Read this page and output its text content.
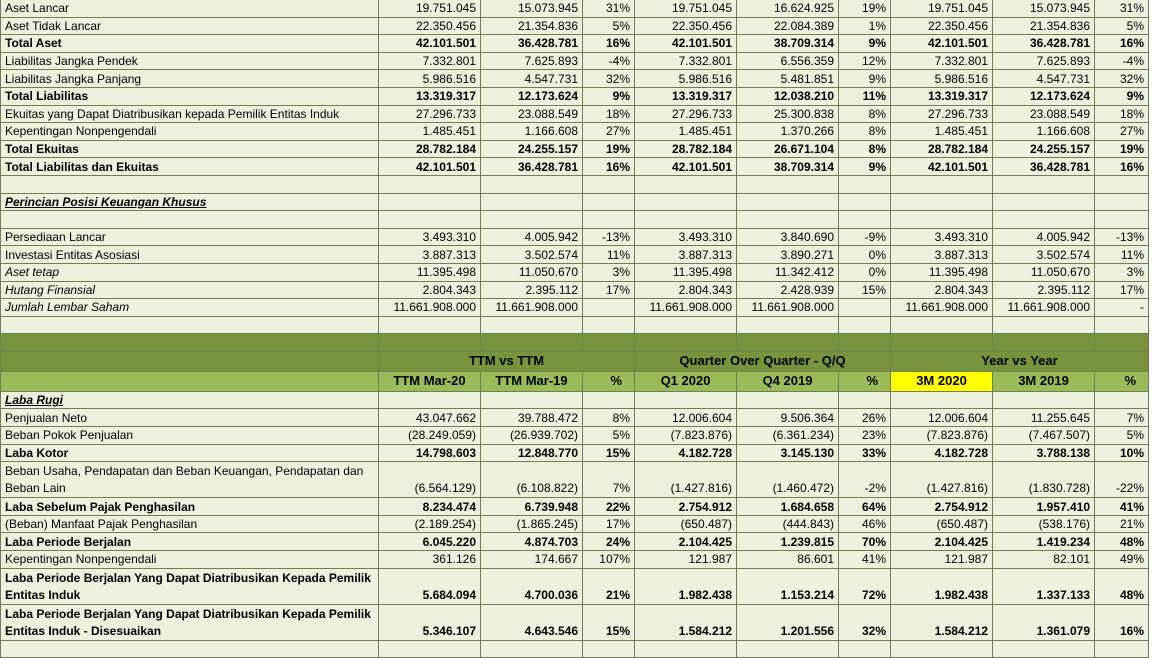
Aset Lancar	19.751.045	15.073.945	31%	19.751.045	16.624.925	19%	19.751.045	15.073.945	31%
Aset Tidak Lancar	22.350.456	21.354.836	5%	22.350.456	22.084.389	1%	22.350.456	21.354.836	5%
Total Aset	42.101.501	36.428.781	16%	42.101.501	38.709.314	9%	42.101.501	36.428.781	16%
Liabilitas Jangka Pendek	7.332.801	7.625.893	-4%	7.332.801	6.556.359	12%	7.332.801	7.625.893	-4%
Liabilitas Jangka Panjang	5.986.516	4.547.731	32%	5.986.516	5.481.851	9%	5.986.516	4.547.731	32%
Total Liabilitas	13.319.317	12.173.624	9%	13.319.317	12.038.210	11%	13.319.317	12.173.624	9%
Ekuitas yang Dapat Diatribusikan kepada Pemilik Entitas Induk	27.296.733	23.088.549	18%	27.296.733	25.300.838	8%	27.296.733	23.088.549	18%
Kepentingan Nonpengendali	1.485.451	1.166.608	27%	1.485.451	1.370.266	8%	1.485.451	1.166.608	27%
Total Ekuitas	28.782.184	24.255.157	19%	28.782.184	26.671.104	8%	28.782.184	24.255.157	19%
Total Liabilitas dan Ekuitas	42.101.501	36.428.781	16%	42.101.501	38.709.314	9%	42.101.501	36.428.781	16%

Perincian Posisi Keuangan Khusus									

Persediaan Lancar	3.493.310	4.005.942	-13%	3.493.310	3.840.690	-9%	3.493.310	4.005.942	-13%
Investasi Entitas Asosiasi	3.887.313	3.502.574	11%	3.887.313	3.890.271	0%	3.887.313	3.502.574	11%
Aset tetap	11.395.498	11.050.670	3%	11.395.498	11.342.412	0%	11.395.498	11.050.670	3%
Hutang Finansial	2.804.343	2.395.112	17%	2.804.343	2.428.939	15%	2.804.343	2.395.112	17%
Jumlah Lembar Saham	11.661.908.000	11.661.908.000		11.661.908.000	11.661.908.000		11.661.908.000	11.661.908.000	-

	TTM vs TTM			Quarter Over Quarter - Q/Q			Year vs Year		
	TTM Mar-20	TTM Mar-19	%	Q1 2020	Q4 2019	%	3M 2020	3M 2019	%
Laba Rugi									
Penjualan Neto	43.047.662	39.788.472	8%	12.006.604	9.506.364	26%	12.006.604	11.255.645	7%
Beban Pokok Penjualan	(28.249.059)	(26.939.702)	5%	(7.823.876)	(6.361.234)	23%	(7.823.876)	(7.467.507)	5%
Laba Kotor	14.798.603	12.848.770	15%	4.182.728	3.145.130	33%	4.182.728	3.788.138	10%
Beban Usaha, Pendapatan dan Beban Keuangan, Pendapatan dan Beban Lain	(6.564.129)	(6.108.822)	7%	(1.427.816)	(1.460.472)	-2%	(1.427.816)	(1.830.728)	-22%
Laba Sebelum Pajak Penghasilan	8.234.474	6.739.948	22%	2.754.912	1.684.658	64%	2.754.912	1.957.410	41%
(Beban) Manfaat Pajak Penghasilan	(2.189.254)	(1.865.245)	17%	(650.487)	(444.843)	46%	(650.487)	(538.176)	21%
Laba Periode Berjalan	6.045.220	4.874.703	24%	2.104.425	1.239.815	70%	2.104.425	1.419.234	48%
Kepentingan Nonpengendali	361.126	174.667	107%	121.987	86.601	41%	121.987	82.101	49%
Laba Periode Berjalan Yang Dapat Diatribusikan Kepada Pemilik Entitas Induk	5.684.094	4.700.036	21%	1.982.438	1.153.214	72%	1.982.438	1.337.133	48%
Laba Periode Berjalan Yang Dapat Diatribusikan Kepada Pemilik Entitas Induk - Disesuaikan	5.346.107	4.643.546	15%	1.584.212	1.201.556	32%	1.584.212	1.361.079	16%
